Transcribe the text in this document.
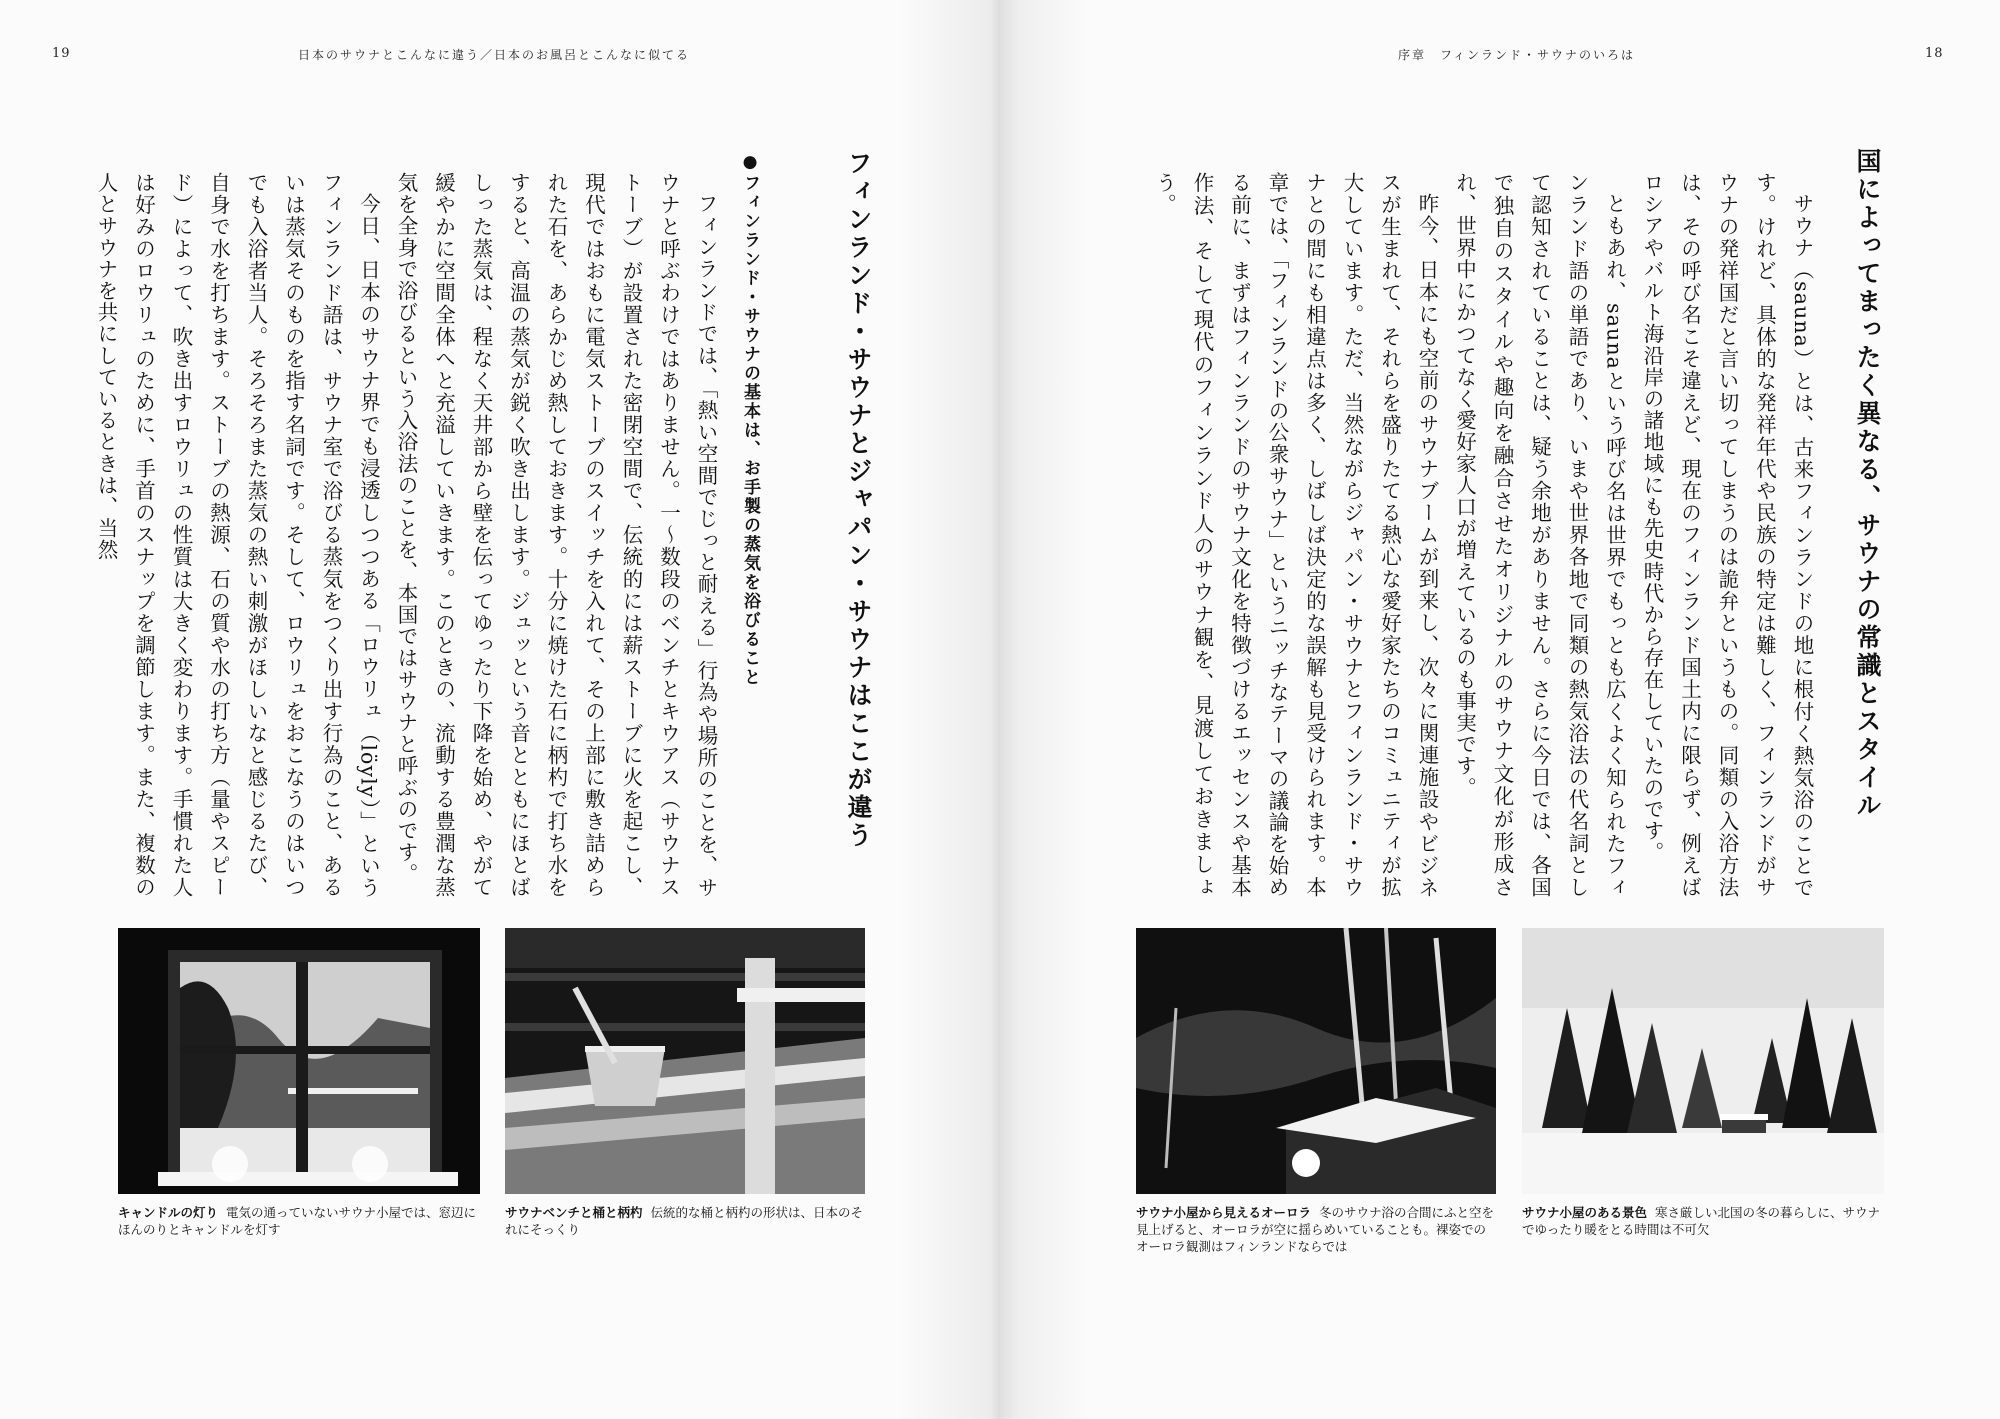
19	日本のサウナとこんなに違う／日本のお風呂とこんなに似てる
フィンランド・サウナとジャパン・サウナはここが違う
●フィンランド・サウナの基本は、お手製の蒸気を浴びること
フィンランドでは、「熱い空間でじっと耐える」行為や場所のことを、サウナと呼ぶわけではありません。一～数段のベンチとキウアス（サウナストーブ）が設置された密閉空間で、伝統的には薪ストーブに火を起こし、現代ではおもに電気ストーブのスイッチを入れて、その上部に敷き詰められた石を、あらかじめ熱しておきます。十分に焼けた石に柄杓で打ち水をすると、高温の蒸気が鋭く吹き出します。ジュッという音とともにほとばしった蒸気は、程なく天井部から壁を伝ってゆったり下降を始め、やがて緩やかに空間全体へと充溢していきます。このときの、流動する豊潤な蒸気を全身で浴びるという入浴法のことを、本国ではサウナと呼ぶのです。
今日、日本のサウナ界でも浸透しつつある「ロウリュ（löyly）」というフィンランド語は、サウナ室で浴びる蒸気をつくり出す行為のこと、あるいは蒸気そのものを指す名詞です。そして、ロウリュをおこなうのはいつでも入浴者当人。そろそろまた蒸気の熱い刺激がほしいなと感じるたび、自身で水を打ちます。ストーブの熱源、石の質や水の打ち方（量やスピード）によって、吹き出すロウリュの性質は大きく変わります。手慣れた人は好みのロウリュのために、手首のスナップを調節します。また、複数の人とサウナを共にしているときは、当然
キャンドルの灯り 電気の通っていないサウナ小屋では、窓辺にほんのりとキャンドルを灯す
サウナベンチと桶と柄杓 伝統的な桶と柄杓の形状は、日本のそれにそっくり
序章　フィンランド・サウナのいろは	18
国によってまったく異なる、サウナの常識とスタイル
サウナ（sauna）とは、古来フィンランドの地に根付く熱気浴のことです。けれど、具体的な発祥年代や民族の特定は難しく、フィンランドがサウナの発祥国だと言い切ってしまうのは詭弁というもの。同類の入浴方法は、その呼び名こそ違えど、現在のフィンランド国土内に限らず、例えばロシアやバルト海沿岸の諸地域にも先史時代から存在していたのです。
ともあれ、saunaという呼び名は世界でもっとも広くよく知られたフィンランド語の単語であり、いまや世界各地で同類の熱気浴法の代名詞として認知されていることは、疑う余地がありません。さらに今日では、各国で独自のスタイルや趣向を融合させたオリジナルのサウナ文化が形成され、世界中にかつてなく愛好家人口が増えているのも事実です。
昨今、日本にも空前のサウナブームが到来し、次々に関連施設やビジネスが生まれて、それらを盛りたてる熱心な愛好家たちのコミュニティが拡大しています。ただ、当然ながらジャパン・サウナとフィンランド・サウナとの間にも相違点は多く、しばしば決定的な誤解も見受けられます。本章では、「フィンランドの公衆サウナ」というニッチなテーマの議論を始める前に、まずはフィンランドのサウナ文化を特徴づけるエッセンスや基本作法、そして現代のフィンランド人のサウナ観を、見渡しておきましょう。
サウナ小屋から見えるオーロラ 冬のサウナ浴の合間にふと空を見上げると、オーロラが空に揺らめいていることも。裸姿でのオーロラ観測はフィンランドならでは
サウナ小屋のある景色 寒さ厳しい北国の冬の暮らしに、サウナでゆったり暖をとる時間は不可欠
